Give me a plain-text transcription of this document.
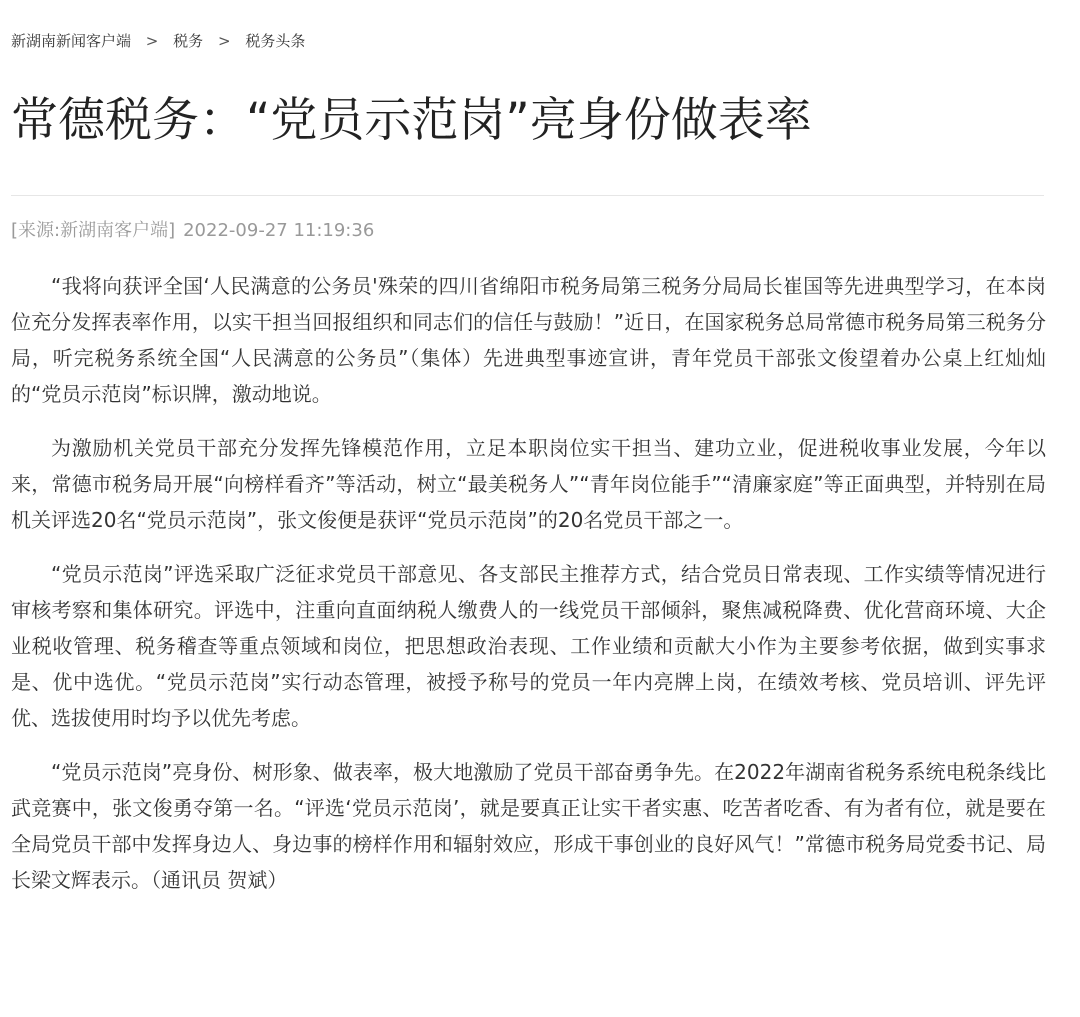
新湖南新闻客户端 > 税务 > 税务头条
常德税务：“党员示范岗”亮身份做表率
[来源:新湖南客户端] 2022-09-27 11:19:36

“我将向获评全国‘人民满意的公务员'殊荣的四川省绵阳市税务局第三税务分局局长崔国等先进典型学习，在本岗位充分发挥表率作用，以实干担当回报组织和同志们的信任与鼓励！”近日，在国家税务总局常德市税务局第三税务分局，听完税务系统全国“人民满意的公务员”（集体）先进典型事迹宣讲，青年党员干部张文俊望着办公桌上红灿灿的“党员示范岗”标识牌，激动地说。

为激励机关党员干部充分发挥先锋模范作用，立足本职岗位实干担当、建功立业，促进税收事业发展，今年以来，常德市税务局开展“向榜样看齐”等活动，树立“最美税务人”“青年岗位能手”“清廉家庭”等正面典型，并特别在局机关评选20名“党员示范岗”，张文俊便是获评“党员示范岗”的20名党员干部之一。

“党员示范岗”评选采取广泛征求党员干部意见、各支部民主推荐方式，结合党员日常表现、工作实绩等情况进行审核考察和集体研究。评选中，注重向直面纳税人缴费人的一线党员干部倾斜，聚焦减税降费、优化营商环境、大企业税收管理、税务稽查等重点领域和岗位，把思想政治表现、工作业绩和贡献大小作为主要参考依据，做到实事求是、优中选优。“党员示范岗”实行动态管理，被授予称号的党员一年内亮牌上岗，在绩效考核、党员培训、评先评优、选拔使用时均予以优先考虑。

“党员示范岗”亮身份、树形象、做表率，极大地激励了党员干部奋勇争先。在2022年湖南省税务系统电税条线比武竞赛中，张文俊勇夺第一名。“评选‘党员示范岗’，就是要真正让实干者实惠、吃苦者吃香、有为者有位，就是要在全局党员干部中发挥身边人、身边事的榜样作用和辐射效应，形成干事创业的良好风气！”常德市税务局党委书记、局长梁文辉表示。（通讯员 贺斌）
